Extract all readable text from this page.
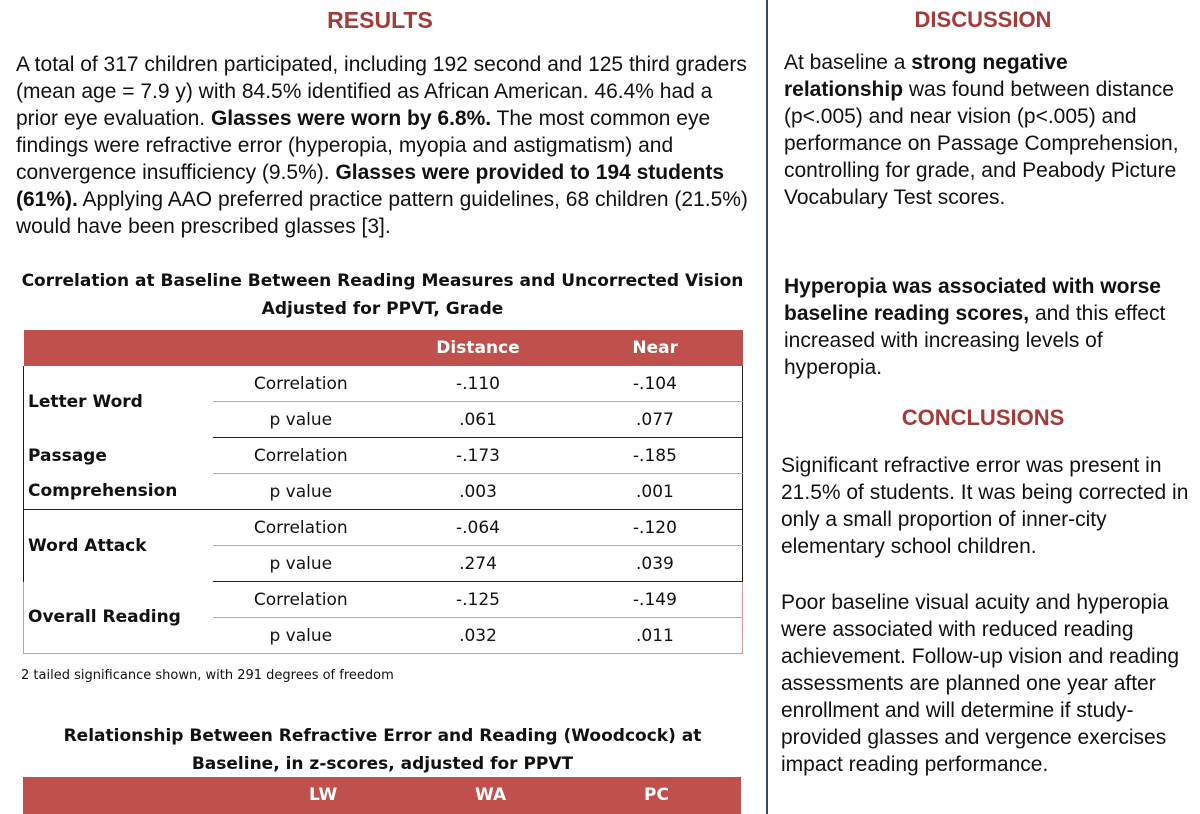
RESULTS

A total of 317 children participated, including 192 second and 125 third graders (mean age = 7.9 y) with 84.5% identified as African American. 46.4% had a prior eye evaluation. Glasses were worn by 6.8%. The most common eye findings were refractive error (hyperopia, myopia and astigmatism) and convergence insufficiency (9.5%). Glasses were provided to 194 students (61%). Applying AAO preferred practice pattern guidelines, 68 children (21.5%) would have been prescribed glasses [3].

Correlation at Baseline Between Reading Measures and Uncorrected Vision

Adjusted for PPVT, Grade

		Distance	Near
Letter Word	Correlation	-.110	-.104
	p value	.061	.077
Passage	Correlation	-.173	-.185
Comprehension	p value	.003	.001
Word Attack	Correlation	-.064	-.120
	p value	.274	.039
Overall Reading	Correlation	-.125	-.149
	p value	.032	.011
2 tailed significance shown, with 291 degrees of freedom

Relationship Between Refractive Error and Reading (Woodcock) at

Baseline, in z-scores, adjusted for PPVT

LW	WA	PC
DISCUSSION

At baseline a strong negative relationship was found between distance (p<.005) and near vision (p<.005) and performance on Passage Comprehension, controlling for grade, and Peabody Picture Vocabulary Test scores.

Hyperopia was associated with worse baseline reading scores, and this effect increased with increasing levels of hyperopia.

CONCLUSIONS

Significant refractive error was present in 21.5% of students. It was being corrected in only a small proportion of inner-city elementary school children.

Poor baseline visual acuity and hyperopia were associated with reduced reading achievement. Follow-up vision and reading assessments are planned one year after enrollment and will determine if study-provided glasses and vergence exercises impact reading performance.
